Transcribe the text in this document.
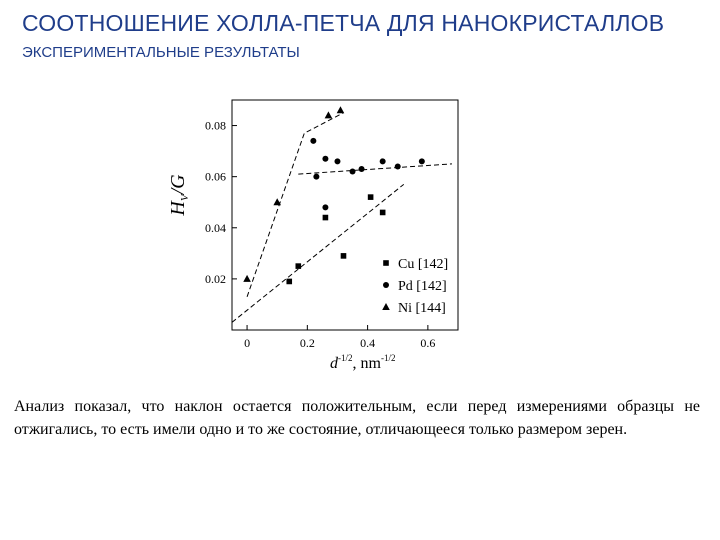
СООТНОШЕНИЕ ХОЛЛА-ПЕТЧА ДЛЯ НАНОКРИСТАЛЛОВ
ЭКСПЕРИМЕНТАЛЬНЫЕ РЕЗУЛЬТАТЫ
0	0.2	0.4	0.6
0.02
0.04
0.06
0.08
$H_V/G$
$d^{-1/2}$, $nm^{-1/2}$
Cu [142]
Pd [142]
Ni [144]

Анализ показал, что наклон остается положительным, если перед измерениями образцы не отжигались, то есть имели одно и то же состояние, отличающееся только размером зерен.
